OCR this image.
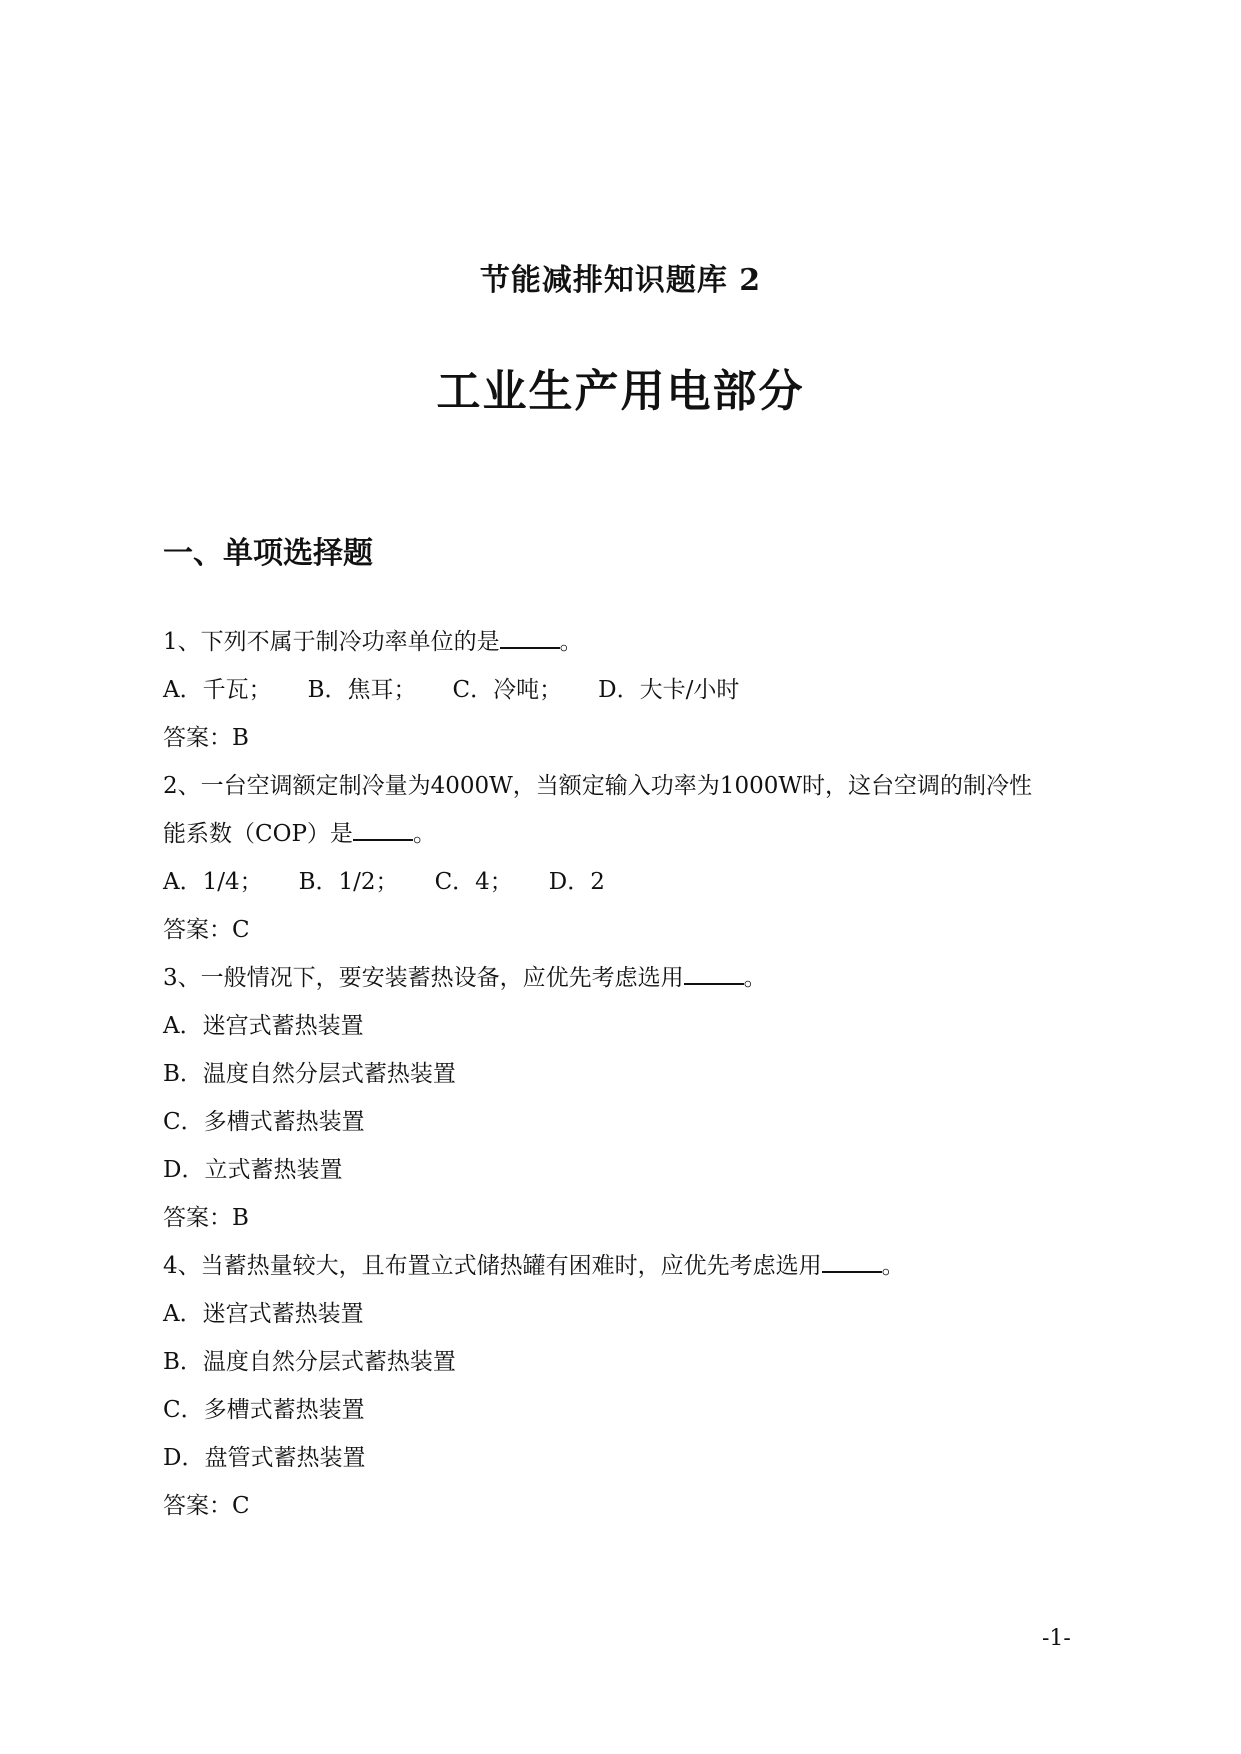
节能减排知识题库 2
工业生产用电部分
一、单项选择题
1、下列不属于制冷功率单位的是	。
A．千瓦； B．焦耳； C．冷吨； D．大卡/小时
答案：B
2、一台空调额定制冷量为4000W，当额定输入功率为1000W时，这台空调的制冷性
能系数（COP）是	。
A．1/4； B．1/2； C．4； D．2
答案：C
3、一般情况下，要安装蓄热设备，应优先考虑选用	。
A．迷宫式蓄热装置
B．温度自然分层式蓄热装置
C．多槽式蓄热装置
D．立式蓄热装置
答案：B
4、当蓄热量较大，且布置立式储热罐有困难时，应优先考虑选用	。
A．迷宫式蓄热装置
B．温度自然分层式蓄热装置
C．多槽式蓄热装置
D．盘管式蓄热装置
答案：C
-1-
